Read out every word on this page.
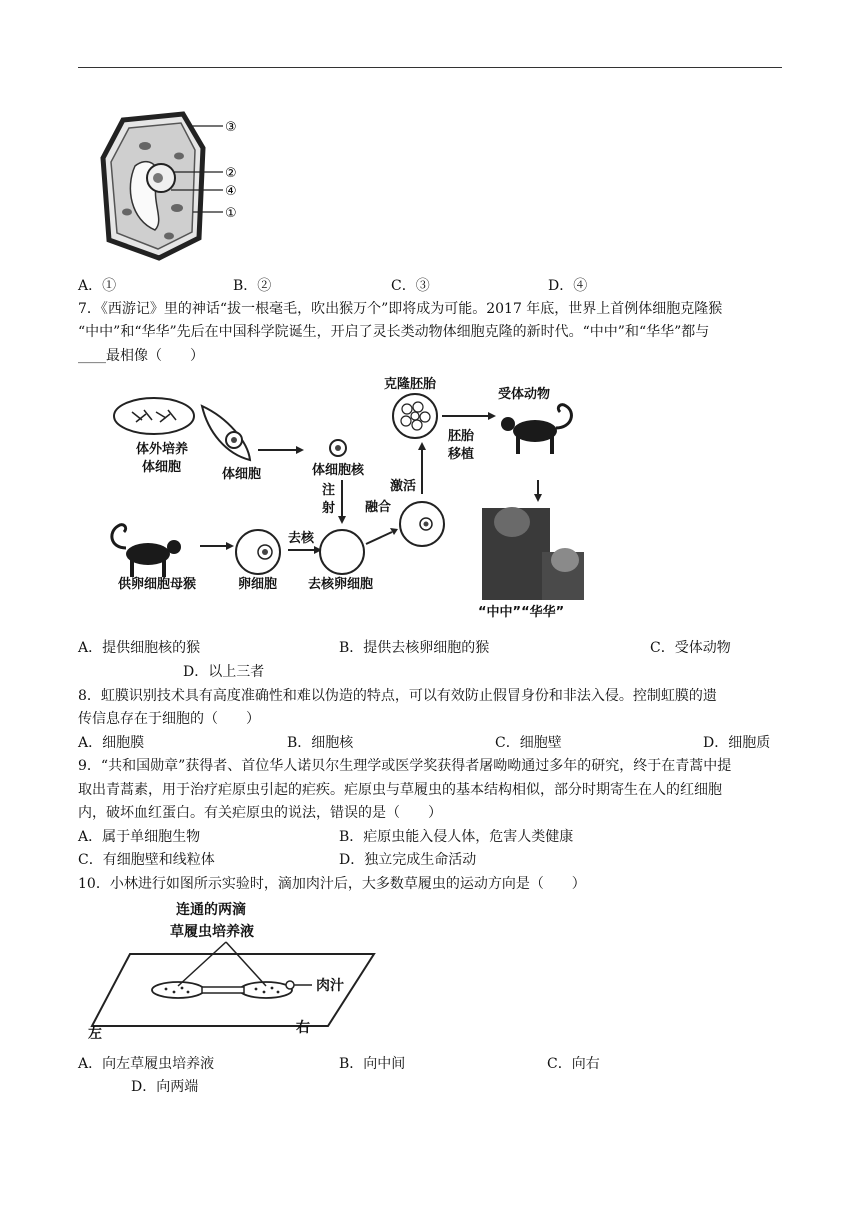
③
②
④
①
A．①	B．②	C．③	D．④
7．《西游记》里的神话“拔一根毫毛，吹出猴万个”即将成为可能。2017 年底，世界上首例体细胞克隆猴
“中中”和“华华”先后在中国科学院诞生，开启了灵长类动物体细胞克隆的新时代。“中中”和“华华”都与
____最相像（　　）
体外培养
体细胞	体细胞	体细胞核
注
射
克隆胚胎
受体动物
胚胎
移植
“中中”“华华”
激活
融合
供卵细胞母猴	卵细胞
去核
去核卵细胞
A．提供细胞核的猴	B．提供去核卵细胞的猴	C．受体动物
D．以上三者
8．虹膜识别技术具有高度准确性和难以伪造的特点，可以有效防止假冒身份和非法入侵。控制虹膜的遗
传信息存在于细胞的（　　）
A．细胞膜	B．细胞核	C．细胞壁	D．细胞质
9．“共和国勋章”获得者、首位华人诺贝尔生理学或医学奖获得者屠呦呦通过多年的研究，终于在青蒿中提
取出青蒿素，用于治疗疟原虫引起的疟疾。疟原虫与草履虫的基本结构相似，部分时期寄生在人的红细胞
内，破坏血红蛋白。有关疟原虫的说法，错误的是（　　）
A．属于单细胞生物	B．疟原虫能入侵人体，危害人类健康
C．有细胞壁和线粒体	D．独立完成生命活动
10．小林进行如图所示实验时，滴加肉汁后，大多数草履虫的运动方向是（　　）
连通的两滴
草履虫培养液
肉汁
左	右
A．向左草履虫培养液	B．向中间	C．向右
D．向两端
